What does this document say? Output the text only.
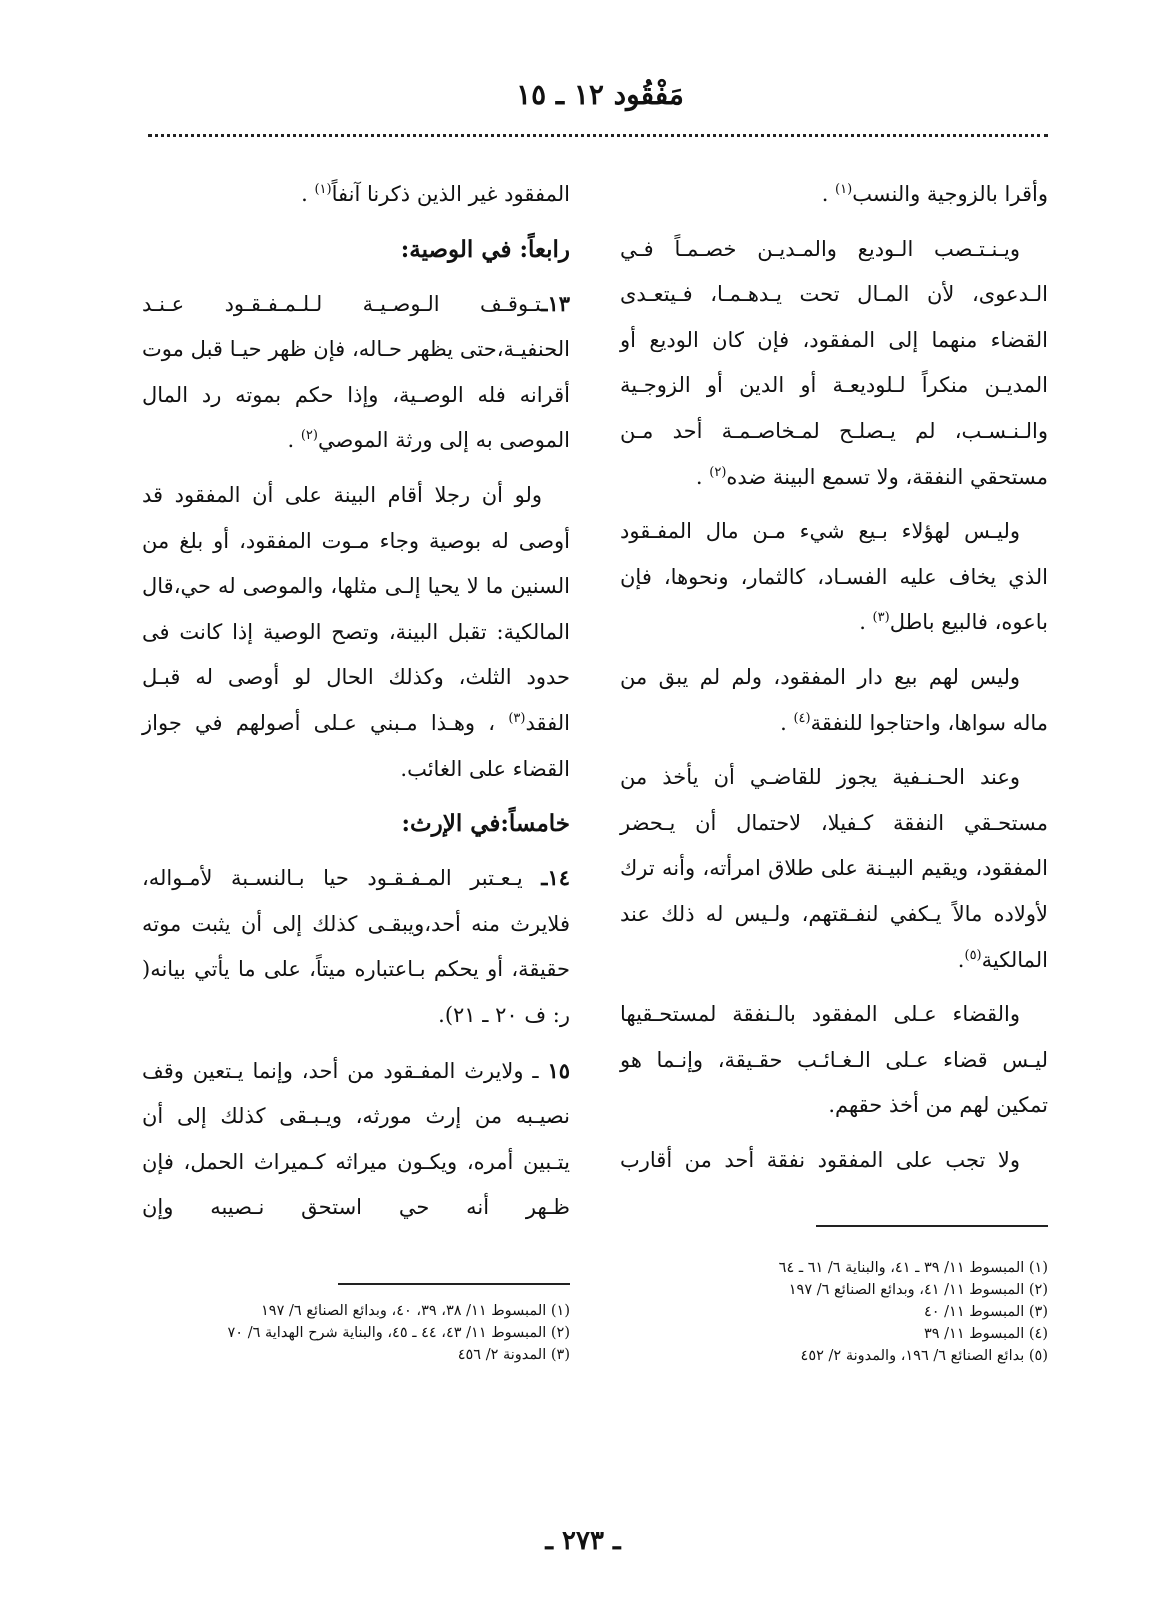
مَفْقُود ١٢ ـ ١٥

وأقرا بالزوجية والنسب$^{(١)}$ .

ويـنـتـصب الـوديع والمـديـن خصـمـاً فـي الـدعوى، لأن المـال تحت يـدهـمـا، فـيتعـدى القضاء منهما إلى المفقود، فإن كان الوديع أو المديـن منكراً لـلوديعـة أو الدين أو الزوجـية والـنـسـب، لم يـصلـح لمـخاصـمـة أحد مـن مستحقي النفقة، ولا تسمع البينة ضده$^{(٢)}$ .

وليـس لهؤلاء بـيع شيء مـن مال المفـقود الذي يخاف عليه الفسـاد، كالثمار، ونحوها، فإن باعوه، فالبيع باطل$^{(٣)}$ .

وليس لهم بيع دار المفقود، ولم لم يبق من ماله سواها، واحتاجوا للنفقة$^{(٤)}$ .

وعند الحـنـفية يجوز للقاضـي أن يأخذ من مستحـقي النفقة كـفيلا، لاحتمال أن يـحضر المفقود، ويقيم البيـنة على طلاق امرأته، وأنه ترك لأولاده مالاً يـكفي لنفـقتهم، ولـيس له ذلك عند المالكية$^{(٥)}$.

والقضاء عـلى المفقود بالـنفقة لمستحـقيها ليـس قضاء عـلى الـغـائـب حقـيقة، وإنـما هو تمكين لهم من أخذ حقهم.

ولا تجب على المفقود نفقة أحد من أقارب

المفقود غير الذين ذكرنا آنفاً$^{(١)}$ .

رابعاً: في الوصية:

١٣ـتـوقـف الـوصـيـة لـلـمـفـقـود عـنـد الحنفيـة،حتى يظهر حـاله، فإن ظهر حيـا قبل موت أقرانه فله الوصـية، وإذا حكم بموته رد المال الموصى به إلى ورثة الموصي$^{(٢)}$ .

ولو أن رجلا أقام البينة على أن المفقود قد أوصى له بوصية وجاء مـوت المفقود، أو بلغ من السنين ما لا يحيا إلـى مثلها، والموصى له حي،قال المالكية: تقبل البينة، وتصح الوصية إذا كانت فى حدود الثلث، وكذلك الحال لو أوصى له قبـل الفقد$^{(٣)}$ ، وهـذا مـبني عـلى أصولهم في جواز القضاء على الغائب.

خامساً:في الإرث:

١٤ـ يـعـتبر المـفـقـود حيا بـالنسـبة لأمـواله، فلايرث منه أحد،ويبقـى كذلك إلى أن يثبت موته حقيقة، أو يحكم بـاعتباره ميتاً، على ما يأتي بيانه( ر: ف ٢٠ ـ ٢١).

١٥ ـ ولايرث المفـقود من أحد، وإنما يـتعين وقف نصيـبه من إرث مورثه، ويـبـقى كذلك إلى أن يتـبين أمره، ويكـون ميراثه كـميراث الحمل، فإن ظـهر أنه حي استحق نـصيبه وإن

(١) المبسوط ١١/ ٣٩ ـ ٤١، والبناية ٦/ ٦١ ـ ٦٤
(٢) المبسوط ١١/ ٤١، وبدائع الصنائع ٦/ ١٩٧
(٣) المبسوط ١١/ ٤٠
(٤) المبسوط ١١/ ٣٩
(٥) بدائع الصنائع ٦/ ١٩٦، والمدونة ٢/ ٤٥٢
(١) المبسوط ١١/ ٣٨، ٣٩، ٤٠، وبدائع الصنائع ٦/ ١٩٧
(٢) المبسوط ١١/ ٤٣، ٤٤ ـ ٤٥، والبناية شرح الهداية ٦/ ٧٠
(٣) المدونة ٢/ ٤٥٦
ـ ٢٧٣ ـ
